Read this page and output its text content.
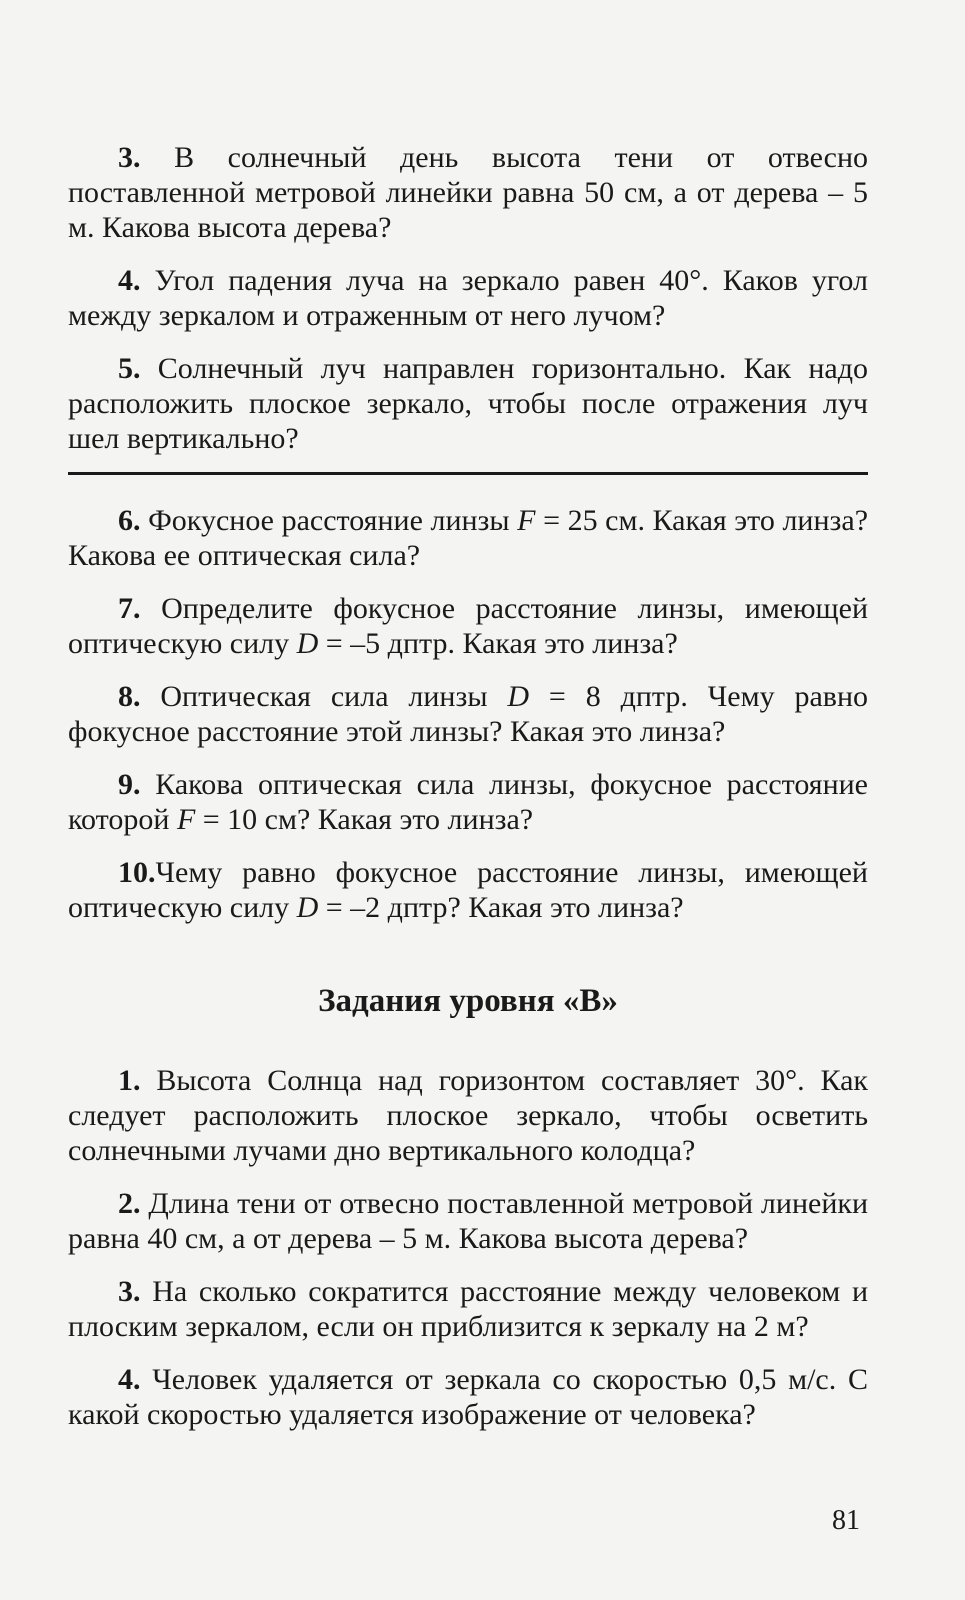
3. В солнечный день высота тени от отвесно поставленной метровой линейки равна 50 см, а от дерева – 5 м. Какова высота дерева?

4. Угол падения луча на зеркало равен 40°. Каков угол между зеркалом и отраженным от него лучом?

5. Солнечный луч направлен горизонтально. Как надо расположить плоское зеркало, чтобы после отражения луч шел вертикально?

6. Фокусное расстояние линзы F = 25 см. Какая это линза? Какова ее оптическая сила?

7. Определите фокусное расстояние линзы, имеющей оптическую силу D = –5 дптр. Какая это линза?

8. Оптическая сила линзы D = 8 дптр. Чему равно фокусное расстояние этой линзы? Какая это линза?

9. Какова оптическая сила линзы, фокусное расстояние которой F = 10 см? Какая это линза?

10.Чему равно фокусное расстояние линзы, имеющей оптическую силу D = –2 дптр? Какая это линза?

Задания уровня «В»

1. Высота Солнца над горизонтом составляет 30°. Как следует расположить плоское зеркало, чтобы осветить солнечными лучами дно вертикального колодца?

2. Длина тени от отвесно поставленной метровой линейки равна 40 см, а от дерева – 5 м. Какова высота дерева?

3. На сколько сократится расстояние между человеком и плоским зеркалом, если он приблизится к зеркалу на 2 м?

4. Человек удаляется от зеркала со скоростью 0,5 м/с. С какой скоростью удаляется изображение от человека?

81
